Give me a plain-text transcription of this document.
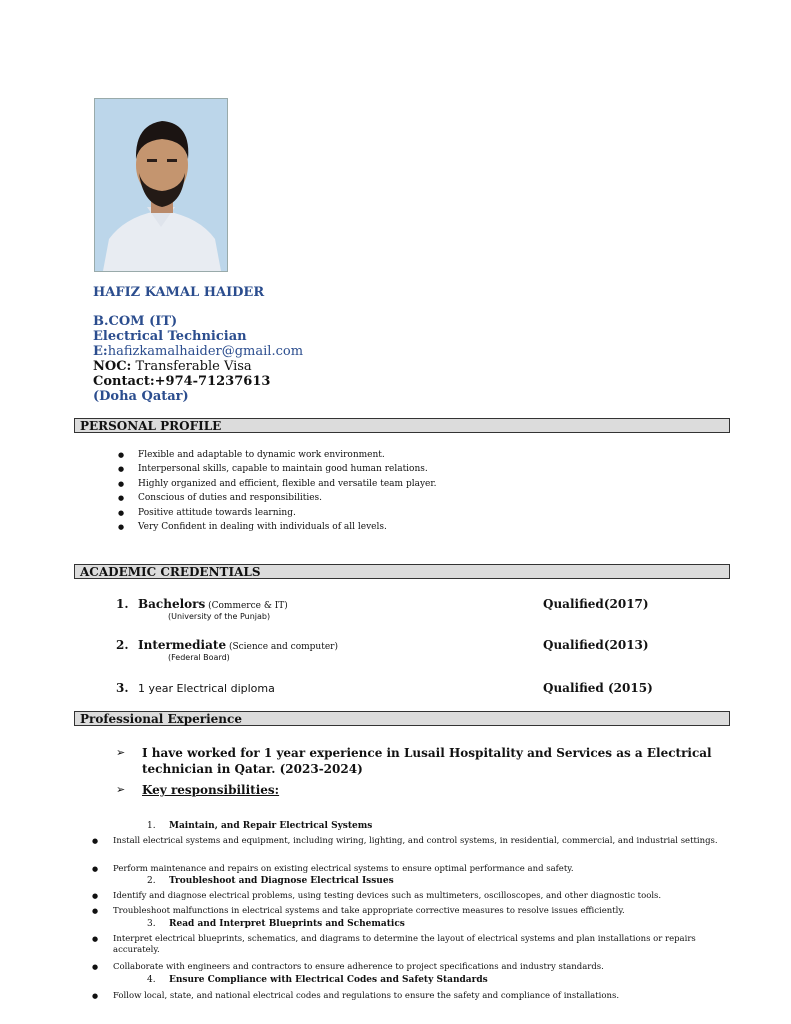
HAFIZ KAMAL HAIDER
B.COM (IT)
Electrical Technician
E:hafizkamalhaider@gmail.com
NOC: Transferable Visa
Contact:+974-71237613
(Doha Qatar)
PERSONAL PROFILE
● Flexible and adaptable to dynamic work environment.
● Interpersonal skills, capable to maintain good human relations.
● Highly organized and efficient, flexible and versatile team player.
● Conscious of duties and responsibilities.
● Positive attitude towards learning.
● Very Confident in dealing with individuals of all levels.
ACADEMIC CREDENTIALS
1. Bachelors (Commerce & IT)
(University of the Punjab)
Qualified(2017)
2. Intermediate (Science and computer)
(Federal Board)
Qualified(2013)
3. 1 year Electrical diploma	Qualified (2015)
Professional Experience
➢	I have worked for 1 year experience in Lusail Hospitality and Services as a Electrical technician in Qatar. (2023-2024)
➢	Key responsibilities:
1. Maintain, and Repair Electrical Systems
●	Install electrical systems and equipment, including wiring, lighting, and control systems, in residential, commercial, and industrial settings.
●	Perform maintenance and repairs on existing electrical systems to ensure optimal performance and safety.
2. Troubleshoot and Diagnose Electrical Issues
●	Identify and diagnose electrical problems, using testing devices such as multimeters, oscilloscopes, and other diagnostic tools.
●	Troubleshoot malfunctions in electrical systems and take appropriate corrective measures to resolve issues efficiently.
3. Read and Interpret Blueprints and Schematics
●	Interpret electrical blueprints, schematics, and diagrams to determine the layout of electrical systems and plan installations or repairs accurately.
●	Collaborate with engineers and contractors to ensure adherence to project specifications and industry standards.
4. Ensure Compliance with Electrical Codes and Safety Standards
●	Follow local, state, and national electrical codes and regulations to ensure the safety and compliance of installations.
